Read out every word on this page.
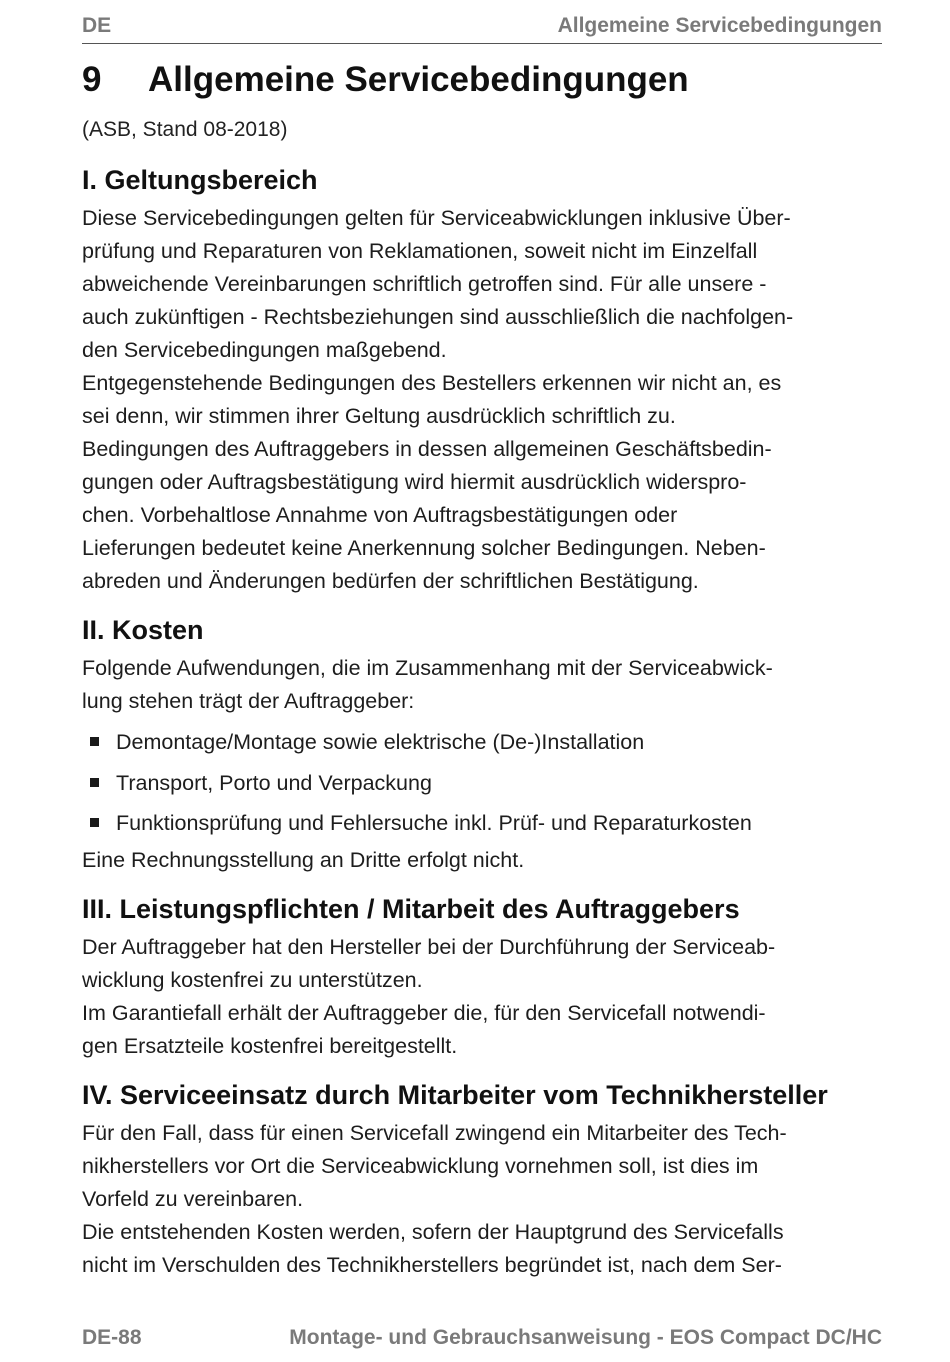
DE	Allgemeine Servicebedingungen
9 Allgemeine Servicebedingungen
(ASB, Stand 08-2018)
I. Geltungsbereich
Diese Servicebedingungen gelten für Serviceabwicklungen inklusive Über-
prüfung und Reparaturen von Reklamationen, soweit nicht im Einzelfall
abweichende Vereinbarungen schriftlich getroffen sind. Für alle unsere -
auch zukünftigen - Rechtsbeziehungen sind ausschließlich die nachfolgen-
den Servicebedingungen maßgebend.
Entgegenstehende Bedingungen des Bestellers erkennen wir nicht an, es
sei denn, wir stimmen ihrer Geltung ausdrücklich schriftlich zu.
Bedingungen des Auftraggebers in dessen allgemeinen Geschäftsbedin-
gungen oder Auftragsbestätigung wird hiermit ausdrücklich widerspro-
chen. Vorbehaltlose Annahme von Auftragsbestätigungen oder
Lieferungen bedeutet keine Anerkennung solcher Bedingungen. Neben-
abreden und Änderungen bedürfen der schriftlichen Bestätigung.
II. Kosten
Folgende Aufwendungen, die im Zusammenhang mit der Serviceabwick-
lung stehen trägt der Auftraggeber:
Demontage/Montage sowie elektrische (De-)Installation
Transport, Porto und Verpackung
Funktionsprüfung und Fehlersuche inkl. Prüf- und Reparaturkosten
Eine Rechnungsstellung an Dritte erfolgt nicht.
III. Leistungspflichten / Mitarbeit des Auftraggebers
Der Auftraggeber hat den Hersteller bei der Durchführung der Serviceab-
wicklung kostenfrei zu unterstützen.
Im Garantiefall erhält der Auftraggeber die, für den Servicefall notwendi-
gen Ersatzteile kostenfrei bereitgestellt.
IV. Serviceeinsatz durch Mitarbeiter vom Technikhersteller
Für den Fall, dass für einen Servicefall zwingend ein Mitarbeiter des Tech-
nikherstellers vor Ort die Serviceabwicklung vornehmen soll, ist dies im
Vorfeld zu vereinbaren.
Die entstehenden Kosten werden, sofern der Hauptgrund des Servicefalls
nicht im Verschulden des Technikherstellers begründet ist, nach dem Ser-
DE-88	Montage- und Gebrauchsanweisung - EOS Compact DC/HC
